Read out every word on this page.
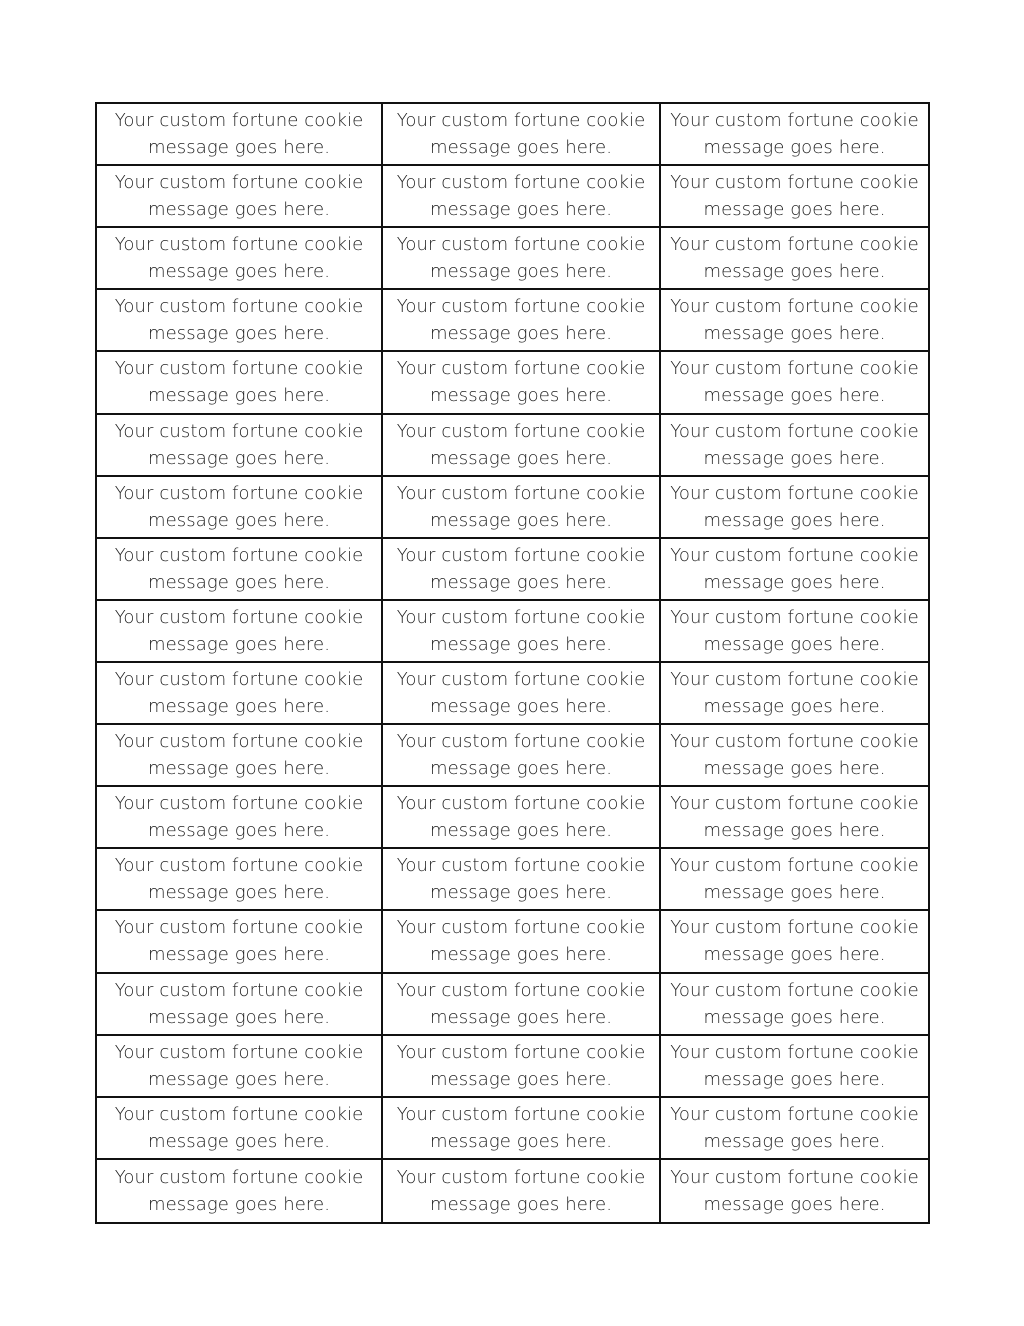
Your custom fortune cookie
message goes here.
Your custom fortune cookie
message goes here.
Your custom fortune cookie
message goes here.
Your custom fortune cookie
message goes here.
Your custom fortune cookie
message goes here.
Your custom fortune cookie
message goes here.
Your custom fortune cookie
message goes here.
Your custom fortune cookie
message goes here.
Your custom fortune cookie
message goes here.
Your custom fortune cookie
message goes here.
Your custom fortune cookie
message goes here.
Your custom fortune cookie
message goes here.
Your custom fortune cookie
message goes here.
Your custom fortune cookie
message goes here.
Your custom fortune cookie
message goes here.
Your custom fortune cookie
message goes here.
Your custom fortune cookie
message goes here.
Your custom fortune cookie
message goes here.
Your custom fortune cookie
message goes here.
Your custom fortune cookie
message goes here.
Your custom fortune cookie
message goes here.
Your custom fortune cookie
message goes here.
Your custom fortune cookie
message goes here.
Your custom fortune cookie
message goes here.
Your custom fortune cookie
message goes here.
Your custom fortune cookie
message goes here.
Your custom fortune cookie
message goes here.
Your custom fortune cookie
message goes here.
Your custom fortune cookie
message goes here.
Your custom fortune cookie
message goes here.
Your custom fortune cookie
message goes here.
Your custom fortune cookie
message goes here.
Your custom fortune cookie
message goes here.
Your custom fortune cookie
message goes here.
Your custom fortune cookie
message goes here.
Your custom fortune cookie
message goes here.
Your custom fortune cookie
message goes here.
Your custom fortune cookie
message goes here.
Your custom fortune cookie
message goes here.
Your custom fortune cookie
message goes here.
Your custom fortune cookie
message goes here.
Your custom fortune cookie
message goes here.
Your custom fortune cookie
message goes here.
Your custom fortune cookie
message goes here.
Your custom fortune cookie
message goes here.
Your custom fortune cookie
message goes here.
Your custom fortune cookie
message goes here.
Your custom fortune cookie
message goes here.
Your custom fortune cookie
message goes here.
Your custom fortune cookie
message goes here.
Your custom fortune cookie
message goes here.
Your custom fortune cookie
message goes here.
Your custom fortune cookie
message goes here.
Your custom fortune cookie
message goes here.
